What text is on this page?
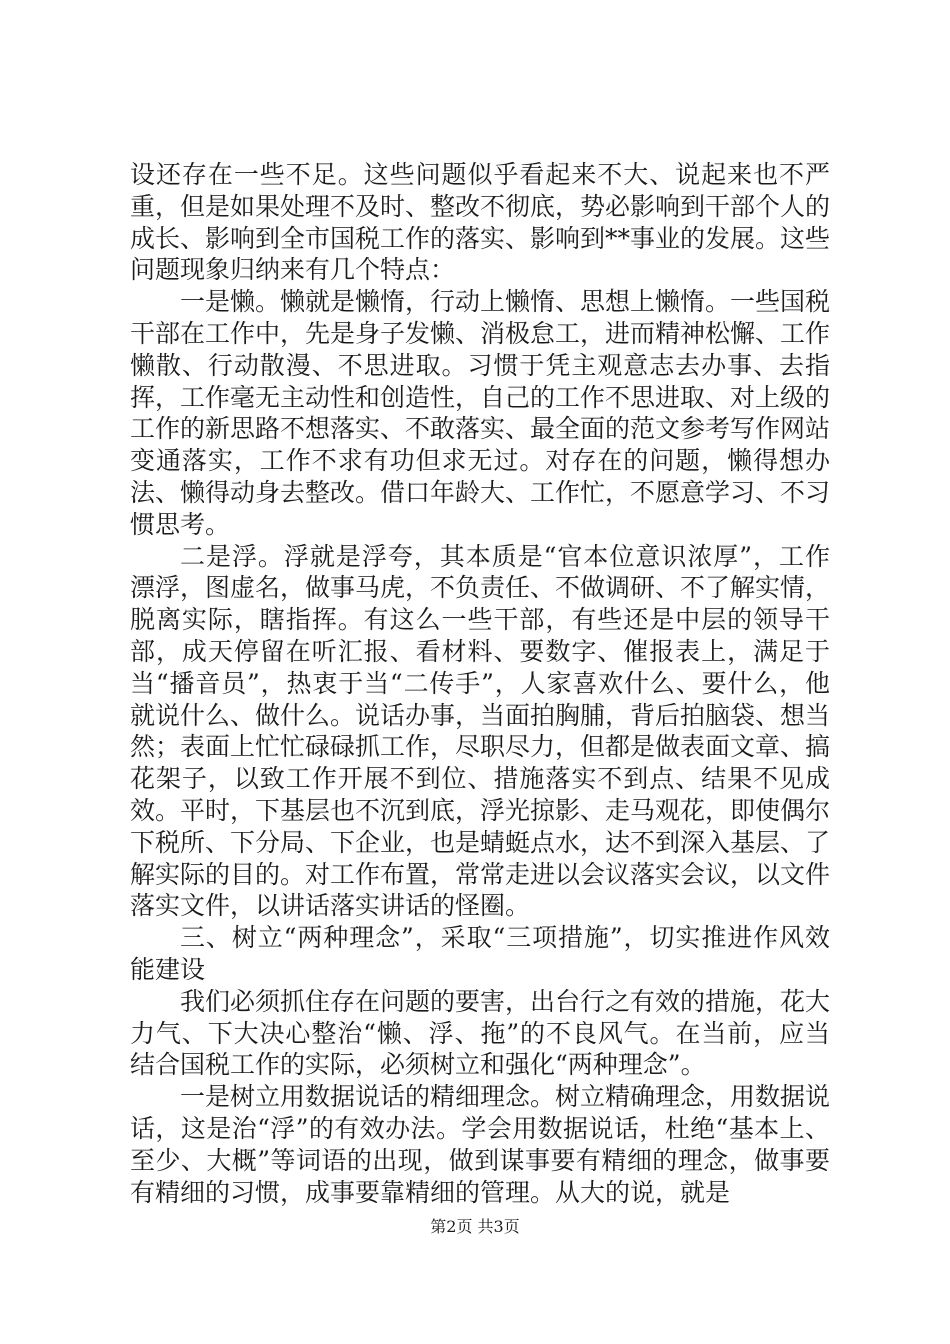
设还存在一些不足。这些问题似乎看起来不大、说起来也不严重，但是如果处理不及时、整改不彻底，势必影响到干部个人的成长、影响到全市国税工作的落实、影响到**事业的发展。这些问题现象归纳来有几个特点：

一是懒。懒就是懒惰，行动上懒惰、思想上懒惰。一些国税干部在工作中，先是身子发懒、消极怠工，进而精神松懈、工作懒散、行动散漫、不思进取。习惯于凭主观意志去办事、去指挥，工作毫无主动性和创造性，自己的工作不思进取、对上级的工作的新思路不想落实、不敢落实、最全面的范文参考写作网站变通落实，工作不求有功但求无过。对存在的问题，懒得想办法、懒得动身去整改。借口年龄大、工作忙，不愿意学习、不习惯思考。

二是浮。浮就是浮夸，其本质是“官本位意识浓厚”，工作漂浮，图虚名，做事马虎，不负责任、不做调研、不了解实情，脱离实际，瞎指挥。有这么一些干部，有些还是中层的领导干部，成天停留在听汇报、看材料、要数字、催报表上，满足于当“播音员”，热衷于当“二传手”，人家喜欢什么、要什么，他就说什么、做什么。说话办事，当面拍胸脯，背后拍脑袋、想当然；表面上忙忙碌碌抓工作，尽职尽力，但都是做表面文章、搞花架子，以致工作开展不到位、措施落实不到点、结果不见成效。平时，下基层也不沉到底，浮光掠影、走马观花，即使偶尔下税所、下分局、下企业，也是蜻蜓点水，达不到深入基层、了解实际的目的。对工作布置，常常走进以会议落实会议，以文件落实文件，以讲话落实讲话的怪圈。

三、树立“两种理念”，采取“三项措施”，切实推进作风效能建设

我们必须抓住存在问题的要害，出台行之有效的措施，花大力气、下大决心整治“懒、浮、拖”的不良风气。在当前，应当结合国税工作的实际，必须树立和强化“两种理念”。

一是树立用数据说话的精细理念。树立精确理念，用数据说话，这是治“浮”的有效办法。学会用数据说话，杜绝“基本上、至少、大概”等词语的出现，做到谋事要有精细的理念，做事要有精细的习惯，成事要靠精细的管理。从大的说，就是

第2页 共3页
